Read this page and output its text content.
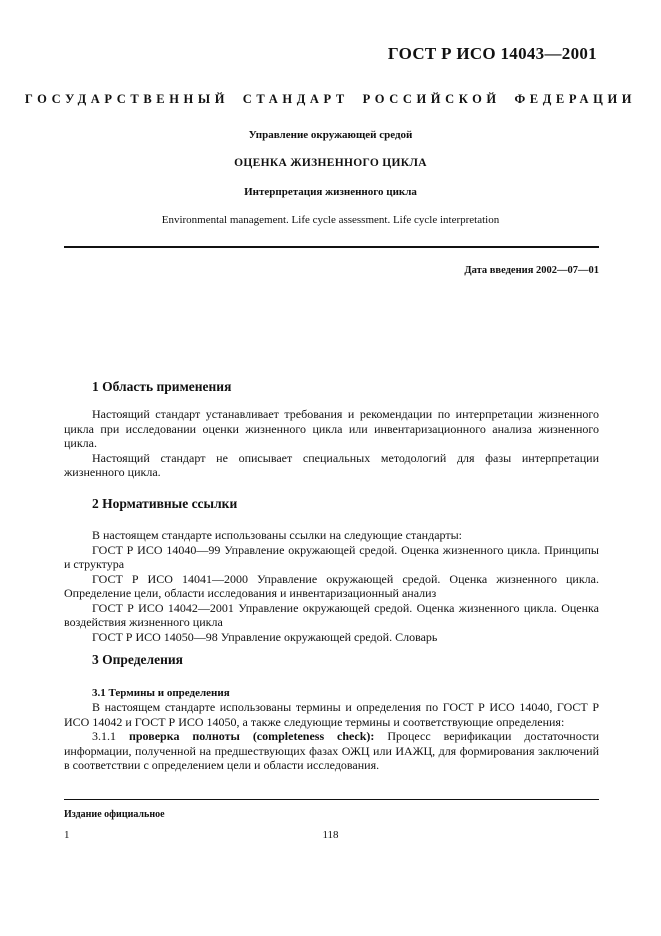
ГОСТ Р ИСО 14043—2001
ГОСУДАРСТВЕННЫЙ СТАНДАРТ РОССИЙСКОЙ ФЕДЕРАЦИИ
Управление окружающей средой
ОЦЕНКА ЖИЗНЕННОГО ЦИКЛА
Интерпретация жизненного цикла
Environmental management. Life cycle assessment. Life cycle interpretation
Дата введения 2002—07—01
1 Область применения

Настоящий стандарт устанавливает требования и рекомендации по интерпретации жизненного цикла при исследовании оценки жизненного цикла или инвентаризационного анализа жизненного цикла.

Настоящий стандарт не описывает специальных методологий для фазы интерпретации жизненного цикла.

2 Нормативные ссылки

В настоящем стандарте использованы ссылки на следующие стандарты:

ГОСТ Р ИСО 14040—99 Управление окружающей средой. Оценка жизненного цикла. Принципы и структура

ГОСТ Р ИСО 14041—2000 Управление окружающей средой. Оценка жизненного цикла. Определение цели, области исследования и инвентаризационный анализ

ГОСТ Р ИСО 14042—2001 Управление окружающей средой. Оценка жизненного цикла. Оценка воздействия жизненного цикла

ГОСТ Р ИСО 14050—98 Управление окружающей средой. Словарь

3 Определения
3.1 Термины и определения

В настоящем стандарте использованы термины и определения по ГОСТ Р ИСО 14040, ГОСТ Р ИСО 14042 и ГОСТ Р ИСО 14050, а также следующие термины и соответствующие определения:

3.1.1 проверка полноты (completeness check): Процесс верификации достаточности информации, полученной на предшествующих фазах ОЖЦ или ИАЖЦ, для формирования заключений в соответствии с определением цели и области исследования.

Издание официальное
1	118
